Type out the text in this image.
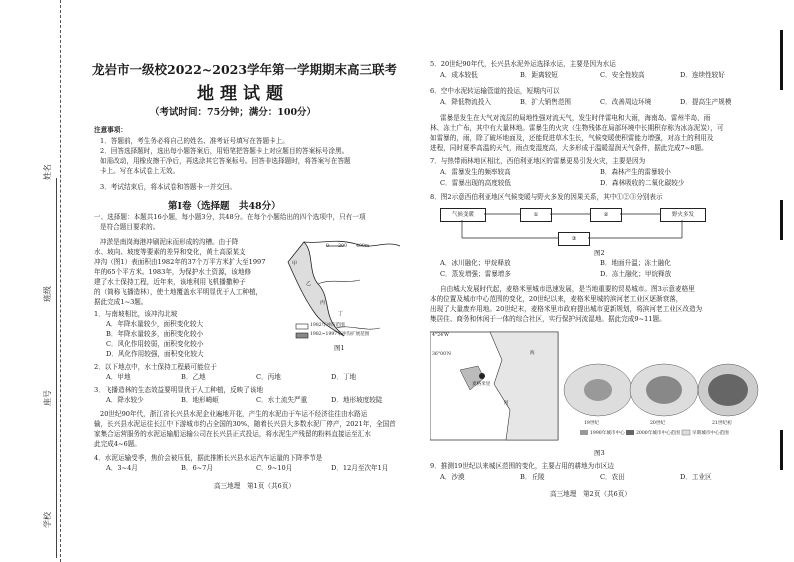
姓名
班级
座号
学校
龙岩市一级校2022~2023学年第一学期期末高三联考
地理试题
（考试时间：75分钟；满分：100分）
注意事项：
1．答题前，考生务必将自己的姓名、准考证号填写在答题卡上。
2．回答选择题时，选出每小题答案后，用铅笔把答题卡上对应题目的答案标号涂黑。
如需改动，用橡皮擦干净后，再选涂其它答案标号。回答非选择题时，将答案写在答题
卡上。写在本试卷上无效。
3．考试结束后，将本试卷和答题卡一并交回。
第Ⅰ卷（选择题　共48分）
一、选择题：本题共16小题，每小题3分，共48分。在每个小题给出的四个选项中，只有一项
是符合题目要求的。
冲淤是南岗海港冲刷泥床而形成的沟槽。由于降
水、坡向、坡度等要素的差异和变化，黄土高原某支
冲沟（图1）表面积由1982年的37个万平方米扩大至1997
年的65个平方米。1983年，为保护水土资源，该地修
建了水土保持工程，近年来，该地利用飞机播撒种子
的（简称飞播造林），使土地覆盖水平明显优于人工种植，
据此完成1~3题。
0　　200　　400m
1982年冲沟范围
1982~1997年冲沟扩展范围
图1
甲
乙
丙
丁
1．与南坡相比，该冲沟北坡
A．年降水量较少，面积变化较大
B．年降水量较多，面积变化较小
C．风化作用较弱，面积变化较小
D．风化作用较强，面积变化较大
2．以下地点中，水土保持工程最可能位于
A．甲地	B．乙地	C．丙地	D．丁地
3．飞播造林的生态效益要明显优于人工种植，反映了该地
A．降水较少	B．地形崎岖	C．水土流失严重	D．地形坡度较陡
20世纪90年代，浙江省长兴县水泥企业遍地开花，产生的水泥由于车运不经济往往由水路运
输，长兴县水泥运往长江中下游城市约占全国的30%，随着长兴县大多数水泥厂停产，2021年，全国首
家集合运营服务的水泥运输船运输公司在长兴县正式投运，将水泥生产残留的粉料直接运至汇水
此完成4~6题。
4．水泥运输受季，焦价会被压低，据此推断长兴县水运汽车运量的下降季节是
A．3~4月	B．6~7月	C．9~10月	D．12月至次年1月
高三地理　第1页（共6页）
5．20世纪90年代，长兴县水泥外运选择水运，主要是因为水运
A．成本较低	B．距离较短	C．安全性较高	D．连续性较好
6．空中水泥转运输管道的投运，短期内可以
A．降低物流投入	B．扩大销售范围	C．改善周边环境	D．提高生产规模
雷暴是发生在大气对流层的局地性强对流天气，发生时伴雷电和大雨，海南岛、雷州半岛，雨
林、冻土广布，其中有大量林地。雷暴生的火灾（生物残体在局部环境中长期积存称为冰冻泥炭），可
如雷暴的，雨，除了破坏地面及，还能促进草木生长，气候变暖使积雷能力增强，对冻土的利用及
进程，同时夏季高温的天气，雨点变湿度高，大多形成于温暖湿润天气条件，据此完成7~8题。
7．与热带雨林地区相比，西伯利亚地区的雷暴更易引发火灾，主要是因为
A．雷暴发生的频率较高	B．森林产生的雷暴较小
C．雷暴出现的高度较低	D．森林吸收的二氧化碳较少
8．图2示意西伯利亚地区气候变暖与野火多发的因果关系，其中①②③分别表示
气候变暖	①	②	野火多发
③
图2
A．冰川融化；甲烷释放	B．地面升温；冻土融化
C．蒸发增强；雷暴增多	D．冻土融化；甲烷释放
自由城大发展时代起，麦格米里城市迅速发展，是当地重要的贸易城市。图3示意麦格里
本的位置及城市中心范围的变化，20世纪以来，麦格米里城的滨河老工业区逐渐衰落，
出现了大量废弃用地。20世纪末，麦格米里市政府提出城市更新规划，将滨河老工业区改造为
集居住、商务和休闲于一体的综合社区，实行保护河流湿地。据此完成9~11题。
4°24′W
36°00′N
麦格米里
河
海
19世纪	20世纪	21世纪初
1990年城市中心 2000年城市中心范围	早期城市中心范围
图3
9．推测19世纪以来城区范围的变化，主要占用的耕地为市区边
A．沙漠	B．丘陵	C．农田	D．工业区
高三地理　第2页（共6页）
